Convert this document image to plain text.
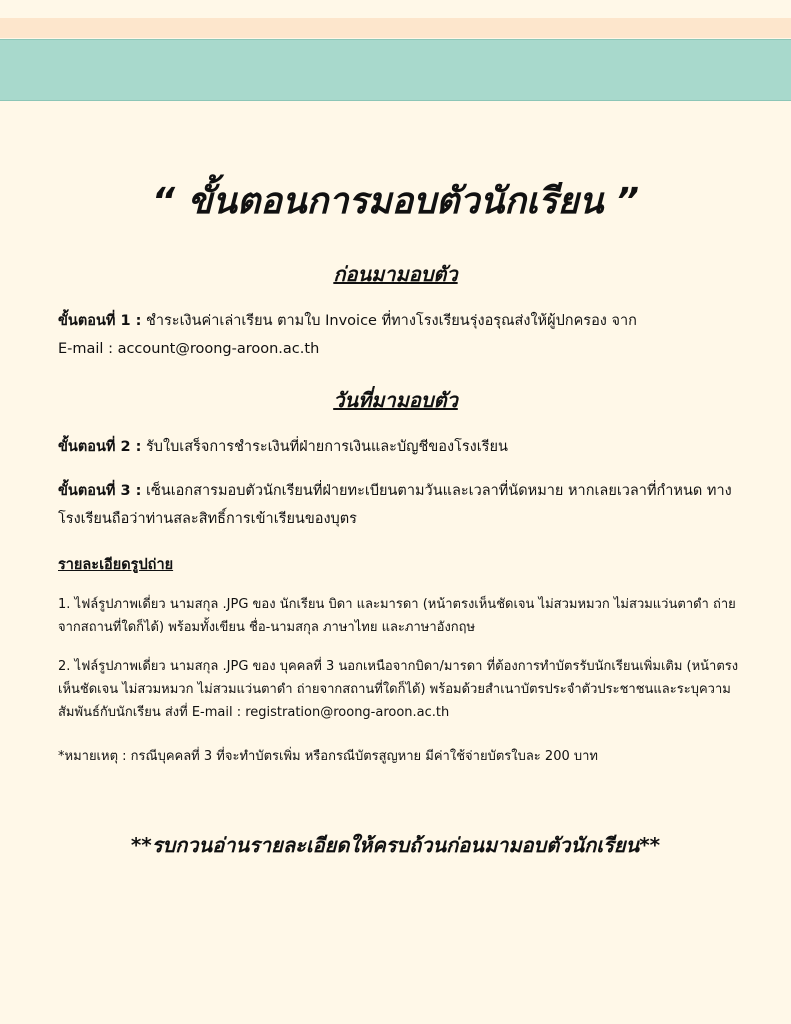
“ ขั้นตอนการมอบตัวนักเรียน ”
ก่อนมามอบตัว
ขั้นตอนที่ 1 : ชำระเงินค่าเล่าเรียน ตามใบ Invoice ที่ทางโรงเรียนรุ่งอรุณส่งให้ผู้ปกครอง จาก
E-mail : account@roong-aroon.ac.th
วันที่มามอบตัว
ขั้นตอนที่ 2 : รับใบเสร็จการชำระเงินที่ฝ่ายการเงินและบัญชีของโรงเรียน
ขั้นตอนที่ 3 : เซ็นเอกสารมอบตัวนักเรียนที่ฝ่ายทะเบียนตามวันและเวลาที่นัดหมาย หากเลยเวลาที่กำหนด ทางโรงเรียนถือว่าท่านสละสิทธิ์การเข้าเรียนของบุตร
รายละเอียดรูปถ่าย
1. ไฟล์รูปภาพเดี่ยว นามสกุล .JPG ของ นักเรียน บิดา และมารดา (หน้าตรงเห็นชัดเจน ไม่สวมหมวก ไม่สวมแว่นตาดำ ถ่ายจากสถานที่ใดก็ได้) พร้อมทั้งเขียน ชื่อ-นามสกุล ภาษาไทย และภาษาอังกฤษ
2. ไฟล์รูปภาพเดี่ยว นามสกุล .JPG ของ บุคคลที่ 3 นอกเหนือจากบิดา/มารดา ที่ต้องการทำบัตรรับนักเรียนเพิ่มเติม (หน้าตรงเห็นชัดเจน ไม่สวมหมวก ไม่สวมแว่นตาดำ ถ่ายจากสถานที่ใดก็ได้) พร้อมด้วยสำเนาบัตรประจำตัวประชาชนและระบุความสัมพันธ์กับนักเรียน ส่งที่ E-mail : registration@roong-aroon.ac.th
*หมายเหตุ : กรณีบุคคลที่ 3 ที่จะทำบัตรเพิ่ม หรือกรณีบัตรสูญหาย มีค่าใช้จ่ายบัตรใบละ 200 บาท
**รบกวนอ่านรายละเอียดให้ครบถ้วนก่อนมามอบตัวนักเรียน**
